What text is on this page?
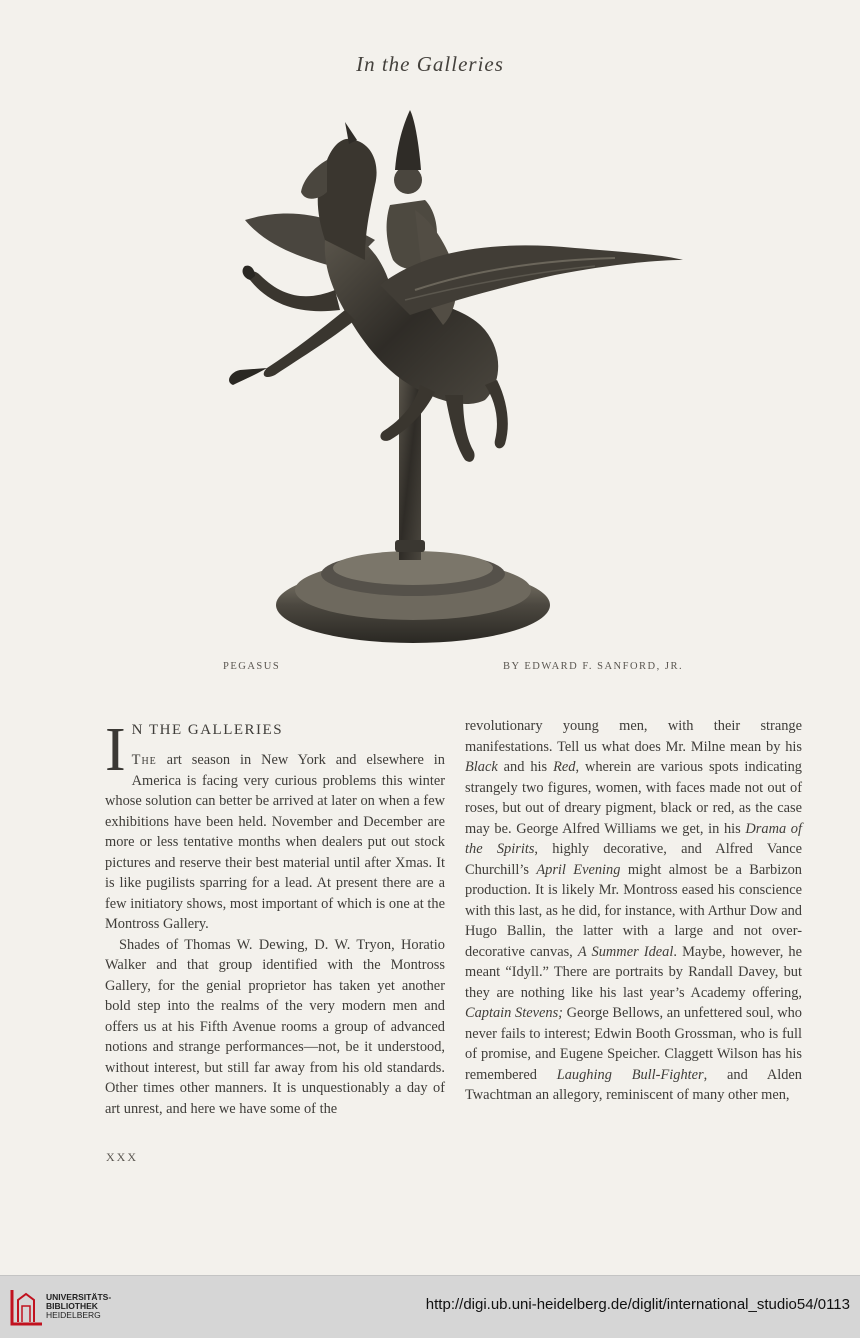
In the Galleries
PEGASUS	BY EDWARD F. SANFORD, JR.
I N THE GALLERIES

The art season in New York and elsewhere in America is facing very curious problems this winter whose solution can better be arrived at later on when a few exhibitions have been held. November and December are more or less tentative months when dealers put out stock pictures and reserve their best material until after Xmas. It is like pugilists sparring for a lead. At present there are a few initiatory shows, most important of which is one at the Montross Gallery.

Shades of Thomas W. Dewing, D. W. Tryon, Horatio Walker and that group identified with the Montross Gallery, for the genial proprietor has taken yet another bold step into the realms of the very modern men and offers us at his Fifth Avenue rooms a group of advanced notions and strange performances—not, be it understood, without interest, but still far away from his old standards. Other times other manners. It is unquestionably a day of art unrest, and here we have some of the

revolutionary young men, with their strange manifestations. Tell us what does Mr. Milne mean by his Black and his Red, wherein are various spots indicating strangely two figures, women, with faces made not out of roses, but out of dreary pigment, black or red, as the case may be. George Alfred Williams we get, in his Drama of the Spirits, highly decorative, and Alfred Vance Churchill’s April Evening might almost be a Barbizon production. It is likely Mr. Montross eased his conscience with this last, as he did, for instance, with Arthur Dow and Hugo Ballin, the latter with a large and not over-decorative canvas, A Summer Ideal. Maybe, however, he meant “Idyll.” There are portraits by Randall Davey, but they are nothing like his last year’s Academy offering, Captain Stevens; George Bellows, an unfettered soul, who never fails to interest; Edwin Booth Grossman, who is full of promise, and Eugene Speicher. Claggett Wilson has his remembered Laughing Bull-Fighter, and Alden Twachtman an allegory, reminiscent of many other men,

XXX
UNIVERSITÄTS-
BIBLIOTHEK
HEIDELBERG
http://digi.ub.uni-heidelberg.de/diglit/international_studio54/0113
